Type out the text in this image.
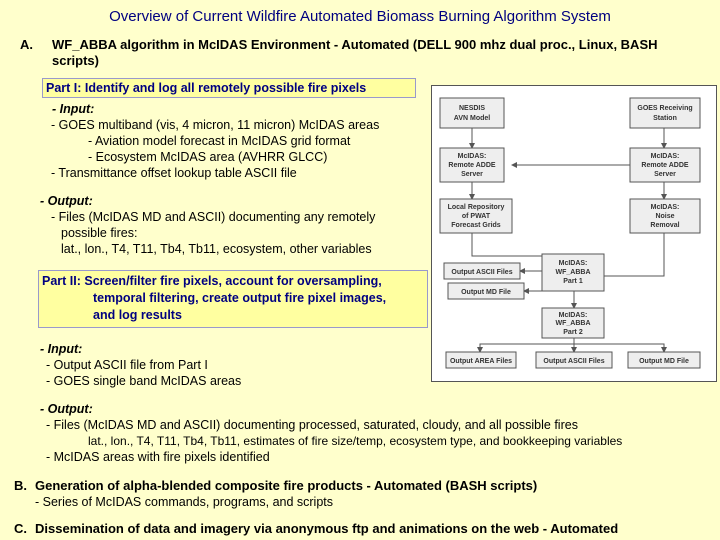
Overview of Current Wildfire Automated Biomass Burning Algorithm System
A. WF_ABBA algorithm in McIDAS Environment - Automated (DELL 900 mhz dual proc., Linux, BASH
scripts)
Part I: Identify and log all remotely possible fire pixels
- Input:
- GOES multiband (vis, 4 micron, 11 micron) McIDAS areas
- Aviation model forecast in McIDAS grid format
- Ecosystem McIDAS area (AVHRR GLCC)
- Transmittance offset lookup table ASCII file
- Output:
- Files (McIDAS MD and ASCII) documenting any remotely
possible fires:
lat., lon., T4, T11, Tb4, Tb11, ecosystem, other variables
Part II: Screen/filter fire pixels, account for oversampling,
temporal filtering, create output fire pixel images,
and log results
- Input:
- Output ASCII file from Part I
- GOES single band McIDAS areas
- Output:
- Files (McIDAS MD and ASCII) documenting processed, saturated, cloudy, and all possible fires
lat., lon., T4, T11, Tb4, Tb11, estimates of fire size/temp, ecosystem type, and bookkeeping variables
- McIDAS areas with fire pixels identified
B. Generation of alpha-blended composite fire products - Automated (BASH scripts)
- Series of McIDAS commands, programs, and scripts
C. Dissemination of data and imagery via anonymous ftp and animations on the web - Automated
NESDIS
AVN Model
GOES Receiving
Station
McIDAS:
Remote ADDE
Server
McIDAS:
Remote ADDE
Server
Local Repository
of PWAT
Forecast Grids
McIDAS:
Noise
Removal
Output ASCII Files
Output MD File
McIDAS:
WF_ABBA
Part 1
McIDAS:
WF_ABBA
Part 2
Output AREA Files	Output ASCII Files	Output MD File
